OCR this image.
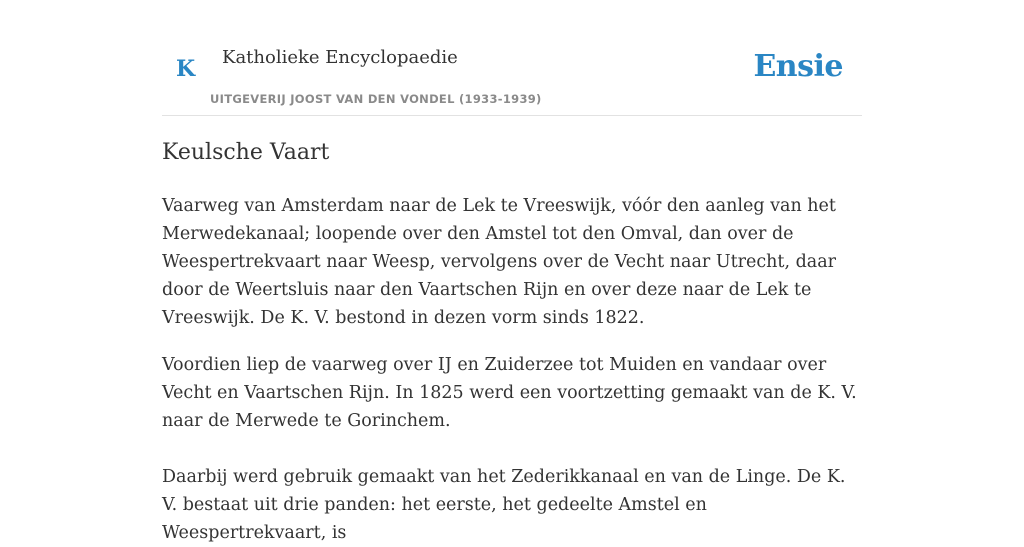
K Katholieke Encyclopaedie
UITGEVERIJ JOOST VAN DEN VONDEL (1933-1939)
Ensie
Keulsche Vaart

Vaarweg van Amsterdam naar de Lek te Vreeswijk, vóór den aanleg van het Merwedekanaal; loopende over den Amstel tot den Omval, dan over de Weespertrekvaart naar Weesp, vervolgens over de Vecht naar Utrecht, daar door de Weertsluis naar den Vaartschen Rijn en over deze naar de Lek te Vreeswijk. De K. V. bestond in dezen vorm sinds 1822.

Voordien liep de vaarweg over IJ en Zuiderzee tot Muiden en vandaar over Vecht en Vaartschen Rijn. In 1825 werd een voortzetting gemaakt van de K. V. naar de Merwede te Gorinchem.

Daarbij werd gebruik gemaakt van het Zederikkanaal en van de Linge. De K. V. bestaat uit drie panden: het eerste, het gedeelte Amstel en Weespertrekvaart, is
